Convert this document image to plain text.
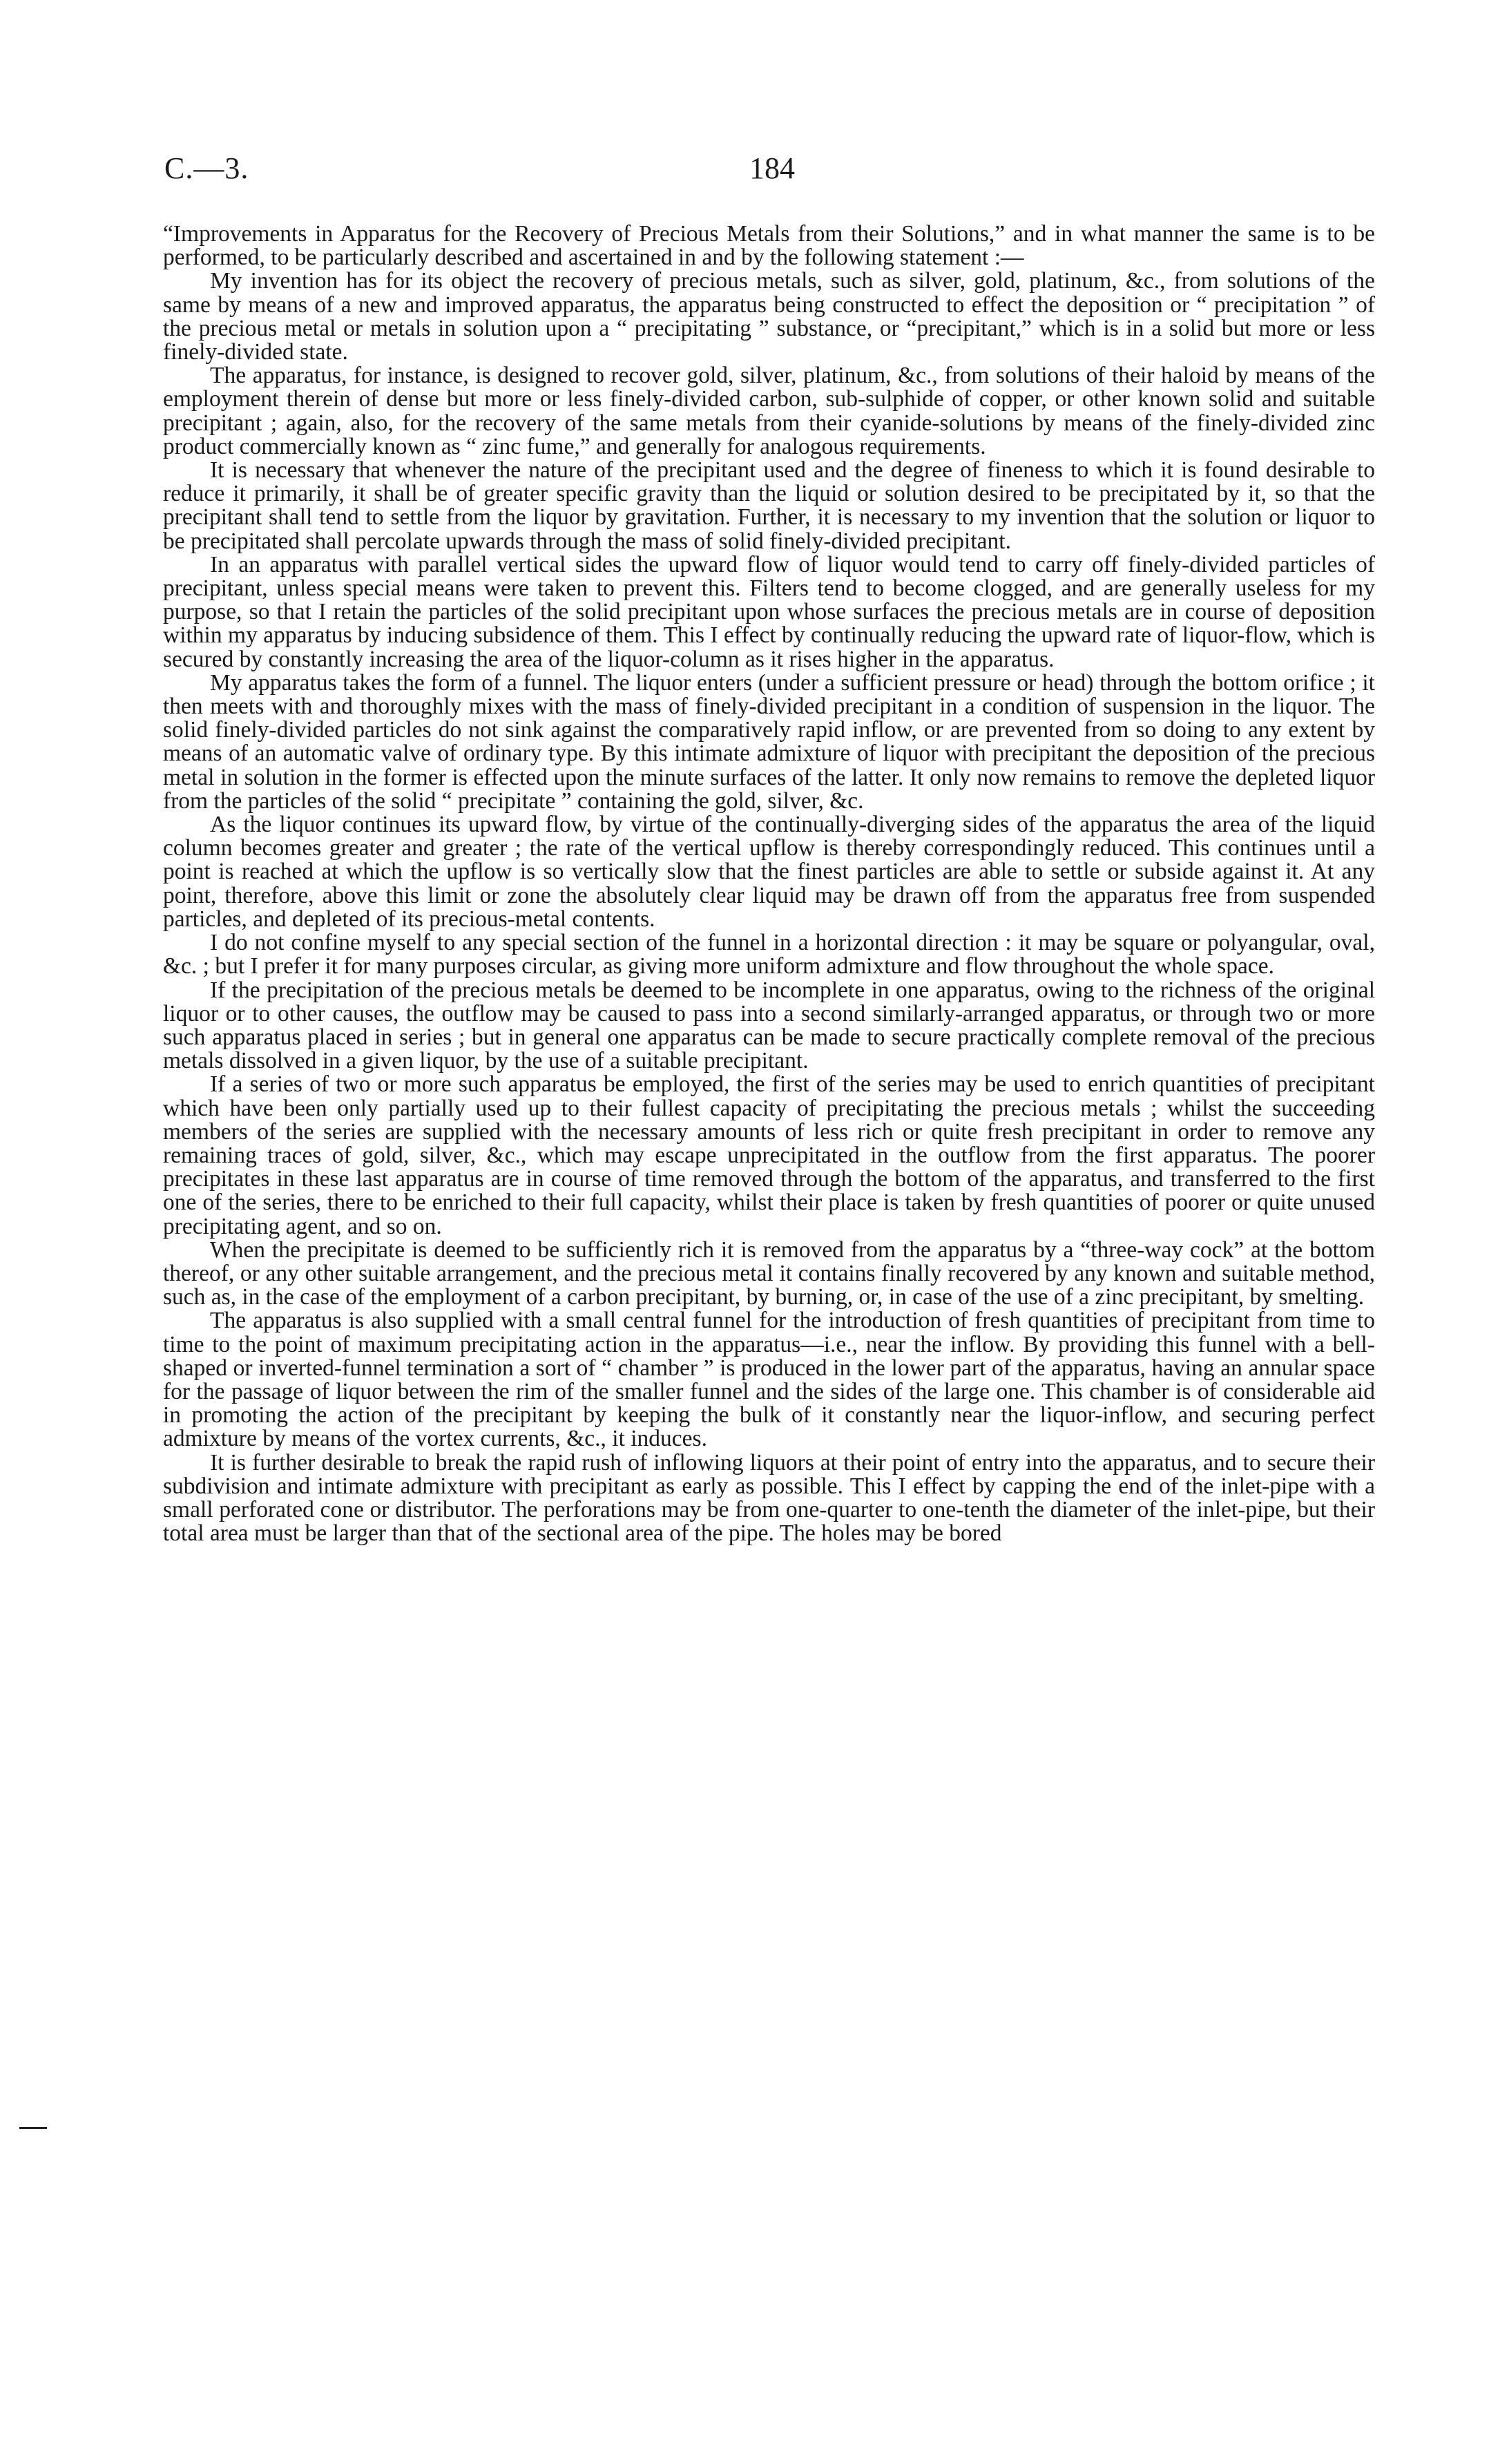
C.—3.	184

“Improvements in Apparatus for the Recovery of Precious Metals from their Solutions,” and in what manner the same is to be performed, to be particularly described and ascertained in and by the following statement :—

My invention has for its object the recovery of precious metals, such as silver, gold, platinum, &c., from solutions of the same by means of a new and improved apparatus, the apparatus being constructed to effect the deposition or “ precipitation ” of the precious metal or metals in solution upon a “ precipitating ” substance, or “precipitant,” which is in a solid but more or less finely-divided state.

The apparatus, for instance, is designed to recover gold, silver, platinum, &c., from solutions of their haloid by means of the employment therein of dense but more or less finely-divided carbon, sub-sulphide of copper, or other known solid and suitable precipitant ; again, also, for the recovery of the same metals from their cyanide-solutions by means of the finely-divided zinc product commercially known as “ zinc fume,” and generally for analogous requirements.

It is necessary that whenever the nature of the precipitant used and the degree of fineness to which it is found desirable to reduce it primarily, it shall be of greater specific gravity than the liquid or solution desired to be precipitated by it, so that the precipitant shall tend to settle from the liquor by gravitation. Further, it is necessary to my invention that the solution or liquor to be precipitated shall percolate upwards through the mass of solid finely-divided precipitant.

In an apparatus with parallel vertical sides the upward flow of liquor would tend to carry off finely-divided particles of precipitant, unless special means were taken to prevent this. Filters tend to become clogged, and are generally useless for my purpose, so that I retain the particles of the solid precipitant upon whose surfaces the precious metals are in course of deposition within my apparatus by inducing subsidence of them. This I effect by continually reducing the upward rate of liquor-flow, which is secured by constantly increasing the area of the liquor-column as it rises higher in the apparatus.

My apparatus takes the form of a funnel. The liquor enters (under a sufficient pressure or head) through the bottom orifice ; it then meets with and thoroughly mixes with the mass of finely-divided precipitant in a condition of suspension in the liquor. The solid finely-divided particles do not sink against the comparatively rapid inflow, or are prevented from so doing to any extent by means of an automatic valve of ordinary type. By this intimate admixture of liquor with precipitant the deposition of the precious metal in solution in the former is effected upon the minute surfaces of the latter. It only now remains to remove the depleted liquor from the particles of the solid “ precipitate ” containing the gold, silver, &c.

As the liquor continues its upward flow, by virtue of the continually-diverging sides of the apparatus the area of the liquid column becomes greater and greater ; the rate of the vertical upflow is thereby correspondingly reduced. This continues until a point is reached at which the upflow is so vertically slow that the finest particles are able to settle or subside against it. At any point, therefore, above this limit or zone the absolutely clear liquid may be drawn off from the apparatus free from suspended particles, and depleted of its precious-metal contents.

I do not confine myself to any special section of the funnel in a horizontal direction : it may be square or polyangular, oval, &c. ; but I prefer it for many purposes circular, as giving more uniform admixture and flow throughout the whole space.

If the precipitation of the precious metals be deemed to be incomplete in one apparatus, owing to the richness of the original liquor or to other causes, the outflow may be caused to pass into a second similarly-arranged apparatus, or through two or more such apparatus placed in series ; but in general one apparatus can be made to secure practically complete removal of the precious metals dissolved in a given liquor, by the use of a suitable precipitant.

If a series of two or more such apparatus be employed, the first of the series may be used to enrich quantities of precipitant which have been only partially used up to their fullest capacity of precipitating the precious metals ; whilst the succeeding members of the series are supplied with the necessary amounts of less rich or quite fresh precipitant in order to remove any remaining traces of gold, silver, &c., which may escape unprecipitated in the outflow from the first apparatus. The poorer precipitates in these last apparatus are in course of time removed through the bottom of the apparatus, and transferred to the first one of the series, there to be enriched to their full capacity, whilst their place is taken by fresh quantities of poorer or quite unused precipitating agent, and so on.

When the precipitate is deemed to be sufficiently rich it is removed from the apparatus by a “three-way cock” at the bottom thereof, or any other suitable arrangement, and the precious metal it contains finally recovered by any known and suitable method, such as, in the case of the employment of a carbon precipitant, by burning, or, in case of the use of a zinc precipitant, by smelting.

The apparatus is also supplied with a small central funnel for the introduction of fresh quantities of precipitant from time to time to the point of maximum precipitating action in the apparatus—i.e., near the inflow. By providing this funnel with a bell-shaped or inverted-funnel termination a sort of “ chamber ” is produced in the lower part of the apparatus, having an annular space for the passage of liquor between the rim of the smaller funnel and the sides of the large one. This chamber is of considerable aid in promoting the action of the precipitant by keeping the bulk of it constantly near the liquor-inflow, and securing perfect admixture by means of the vortex currents, &c., it induces.

It is further desirable to break the rapid rush of inflowing liquors at their point of entry into the apparatus, and to secure their subdivision and intimate admixture with precipitant as early as possible. This I effect by capping the end of the inlet-pipe with a small perforated cone or distributor. The perforations may be from one-quarter to one-tenth the diameter of the inlet-pipe, but their total area must be larger than that of the sectional area of the pipe. The holes may be bored
